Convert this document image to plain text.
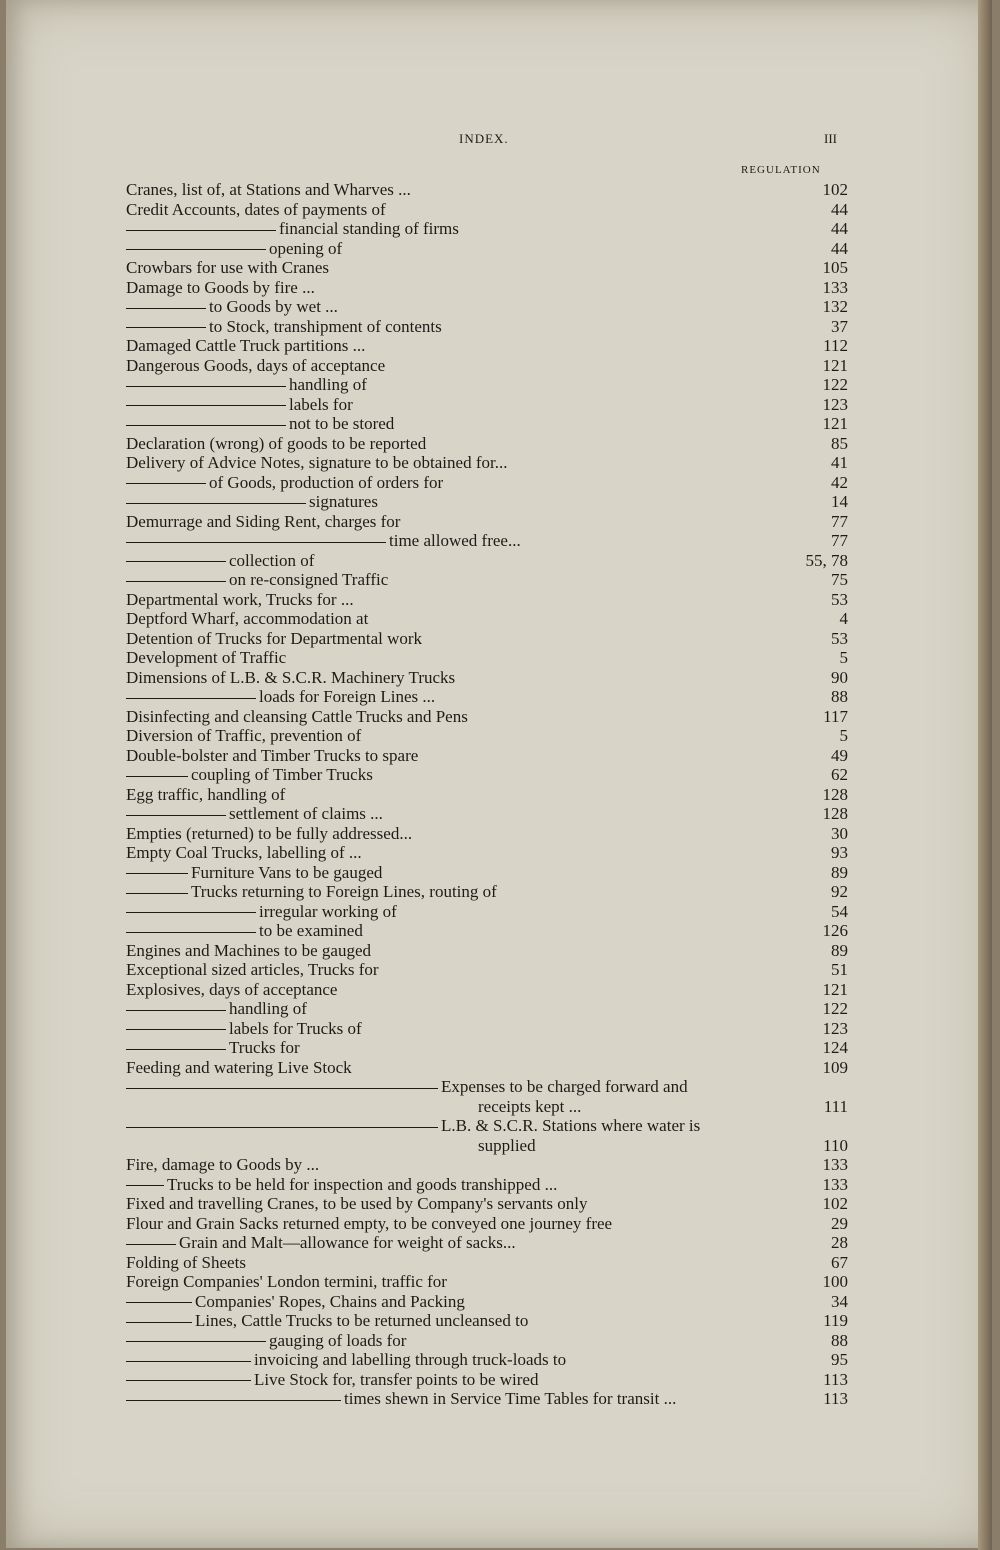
INDEX.	III
REGULATION
Cranes, list of, at Stations and Wharves ...	102
Credit Accounts, dates of payments of	44
financial standing of firms	44
opening of	44
Crowbars for use with Cranes	105
Damage to Goods by fire ...	133
to Goods by wet ...	132
to Stock, transhipment of contents	37
Damaged Cattle Truck partitions ...	112
Dangerous Goods, days of acceptance	121
handling of	122
labels for	123
not to be stored	121
Declaration (wrong) of goods to be reported	85
Delivery of Advice Notes, signature to be obtained for...	41
of Goods, production of orders for	42
signatures	14
Demurrage and Siding Rent, charges for	77
time allowed free...	77
collection of	55, 78
on re-consigned Traffic	75
Departmental work, Trucks for ...	53
Deptford Wharf, accommodation at	4
Detention of Trucks for Departmental work	53
Development of Traffic	5
Dimensions of L.B. & S.C.R. Machinery Trucks	90
loads for Foreign Lines ...	88
Disinfecting and cleansing Cattle Trucks and Pens	117
Diversion of Traffic, prevention of	5
Double-bolster and Timber Trucks to spare	49
coupling of Timber Trucks	62
Egg traffic, handling of	128
settlement of claims ...	128
Empties (returned) to be fully addressed...	30
Empty Coal Trucks, labelling of ...	93
Furniture Vans to be gauged	89
Trucks returning to Foreign Lines, routing of	92
irregular working of	54
to be examined	126
Engines and Machines to be gauged	89
Exceptional sized articles, Trucks for	51
Explosives, days of acceptance	121
handling of	122
labels for Trucks of	123
Trucks for	124
Feeding and watering Live Stock	109
Expenses to be charged forward and
receipts kept ...	111
L.B. & S.C.R. Stations where water is
supplied	110
Fire, damage to Goods by ...	133
Trucks to be held for inspection and goods transhipped ...	133
Fixed and travelling Cranes, to be used by Company's servants only	102
Flour and Grain Sacks returned empty, to be conveyed one journey free	29
Grain and Malt—allowance for weight of sacks...	28
Folding of Sheets	67
Foreign Companies' London termini, traffic for	100
Companies' Ropes, Chains and Packing	34
Lines, Cattle Trucks to be returned uncleansed to	119
gauging of loads for	88
invoicing and labelling through truck-loads to	95
Live Stock for, transfer points to be wired	113
times shewn in Service Time Tables for transit ...	113
